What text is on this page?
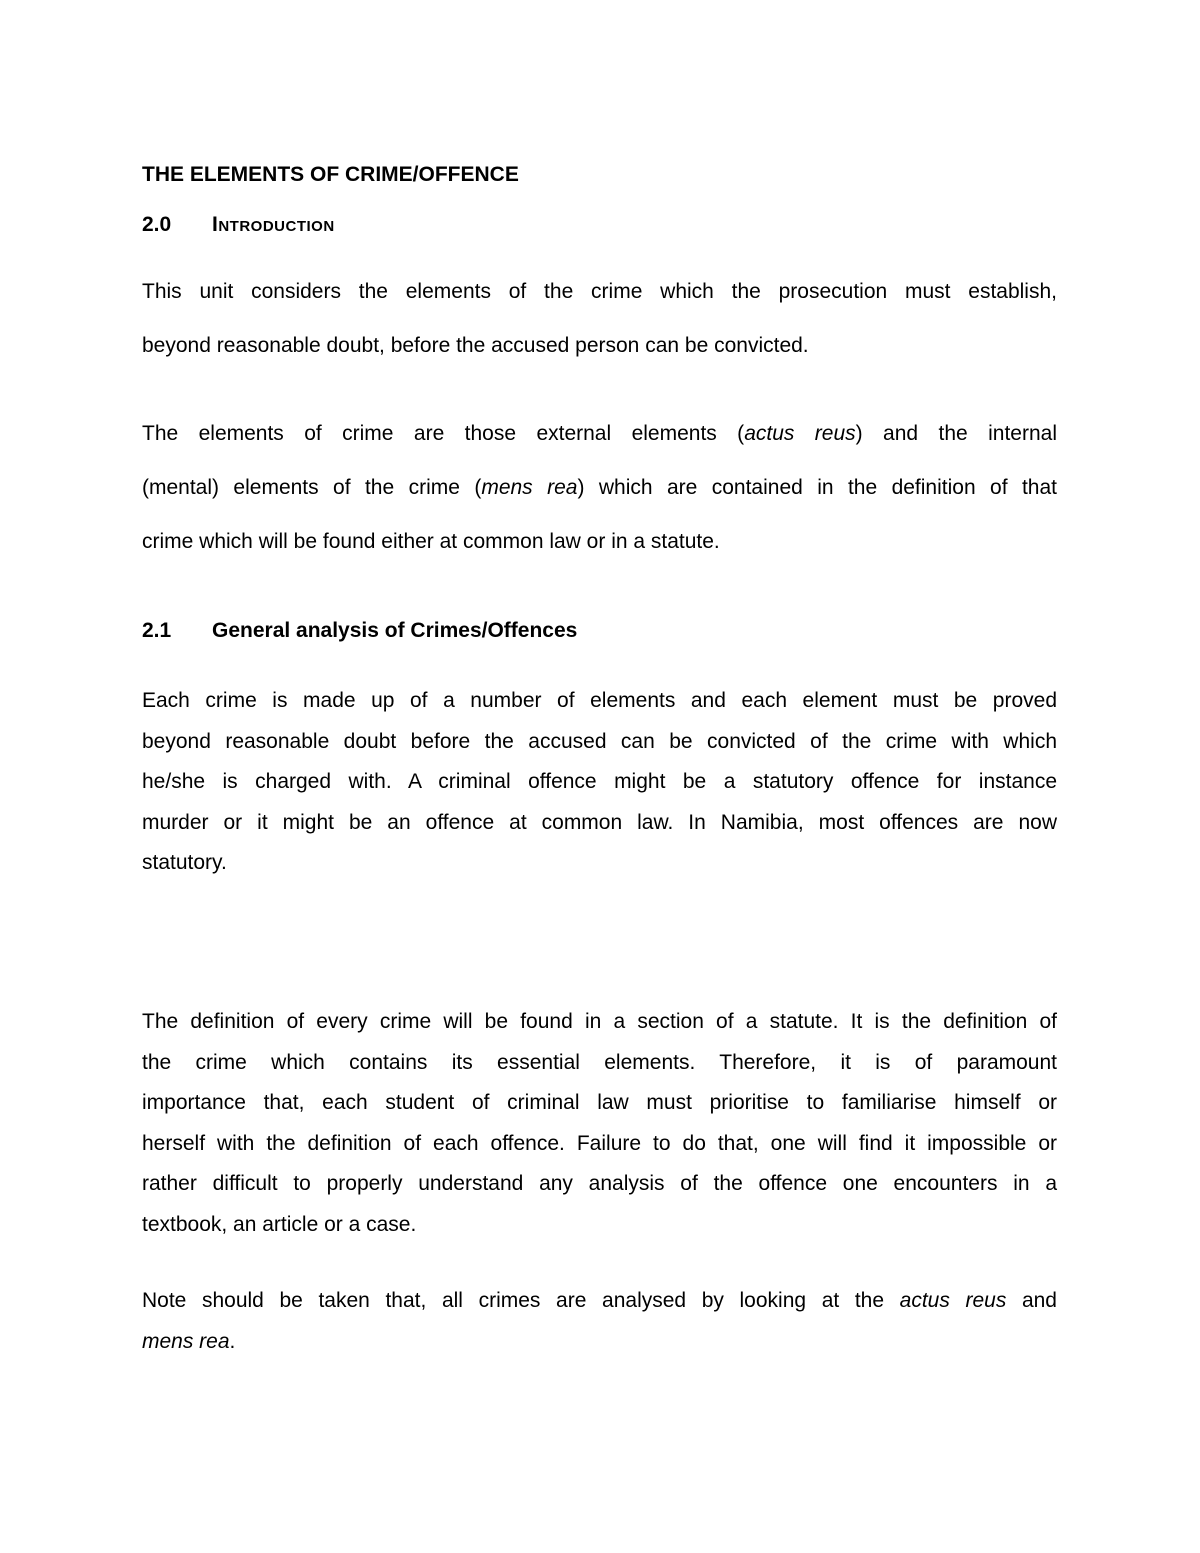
THE ELEMENTS OF CRIME/OFFENCE
2.0 Introduction

This unit considers the elements of the crime which the prosecution must establish,
beyond reasonable doubt, before the accused person can be convicted.

The elements of crime are those external elements (actus reus) and the internal
(mental) elements of the crime (mens rea) which are contained in the definition of that
crime which will be found either at common law or in a statute.

2.1 General analysis of Crimes/Offences

Each crime is made up of a number of elements and each element must be proved
beyond reasonable doubt before the accused can be convicted of the crime with which
he/she is charged with. A criminal offence might be a statutory offence for instance
murder or it might be an offence at common law. In Namibia, most offences are now
statutory.

The definition of every crime will be found in a section of a statute. It is the definition of
the crime which contains its essential elements. Therefore, it is of paramount
importance that, each student of criminal law must prioritise to familiarise himself or
herself with the definition of each offence. Failure to do that, one will find it impossible or
rather difficult to properly understand any analysis of the offence one encounters in a
textbook, an article or a case.

Note should be taken that, all crimes are analysed by looking at the actus reus and
mens rea.
